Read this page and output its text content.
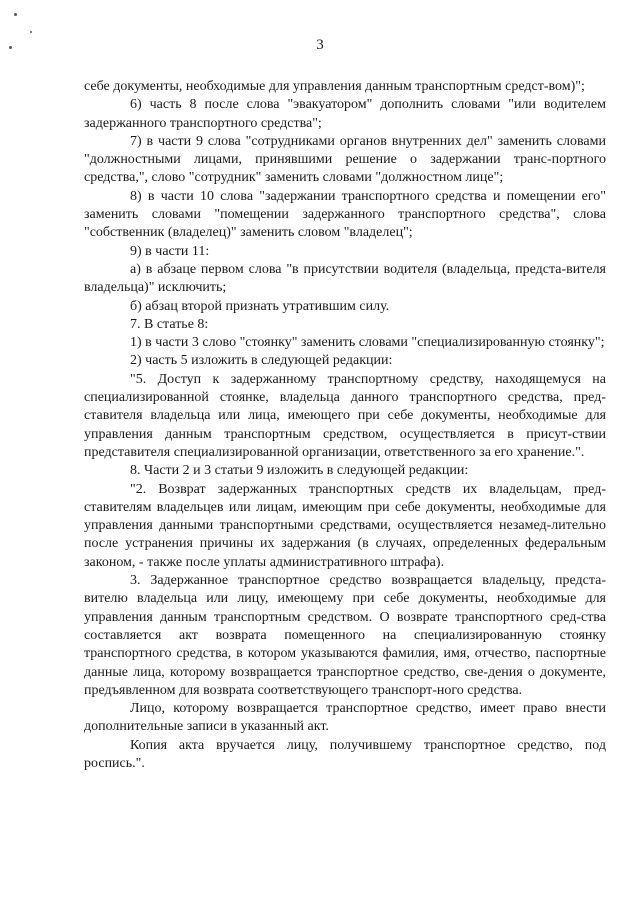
3

себе документы, необходимые для управления данным транспортным средст-вом)";

6) часть 8 после слова "эвакуатором" дополнить словами "или водителем задержанного транспортного средства";

7) в части 9 слова "сотрудниками органов внутренних дел" заменить словами "должностными лицами, принявшими решение о задержании транс-портного средства,", слово "сотрудник" заменить словами "должностном лице";

8) в части 10 слова "задержании транспортного средства и помещении его" заменить словами "помещении задержанного транспортного средства", слова "собственник (владелец)" заменить словом "владелец";

9) в части 11:

а) в абзаце первом слова "в присутствии водителя (владельца, предста-вителя владельца)" исключить;

б) абзац второй признать утратившим силу.

7. В статье 8:

1) в части 3 слово "стоянку" заменить словами "специализированную стоянку";

2) часть 5 изложить в следующей редакции:

"5. Доступ к задержанному транспортному средству, находящемуся на специализированной стоянке, владельца данного транспортного средства, пред-ставителя владельца или лица, имеющего при себе документы, необходимые для управления данным транспортным средством, осуществляется в присут-ствии представителя специализированной организации, ответственного за его хранение.".

8. Части 2 и 3 статьи 9 изложить в следующей редакции:

"2. Возврат задержанных транспортных средств их владельцам, пред-ставителям владельцев или лицам, имеющим при себе документы, необходимые для управления данными транспортными средствами, осуществляется незамед-лительно после устранения причины их задержания (в случаях, определенных федеральным законом, - также после уплаты административного штрафа).

3. Задержанное транспортное средство возвращается владельцу, предста-вителю владельца или лицу, имеющему при себе документы, необходимые для управления данным транспортным средством. О возврате транспортного сред-ства составляется акт возврата помещенного на специализированную стоянку транспортного средства, в котором указываются фамилия, имя, отчество, паспортные данные лица, которому возвращается транспортное средство, све-дения о документе, предъявленном для возврата соответствующего транспорт-ного средства.

Лицо, которому возвращается транспортное средство, имеет право внести дополнительные записи в указанный акт.

Копия акта вручается лицу, получившему транспортное средство, под роспись.".
